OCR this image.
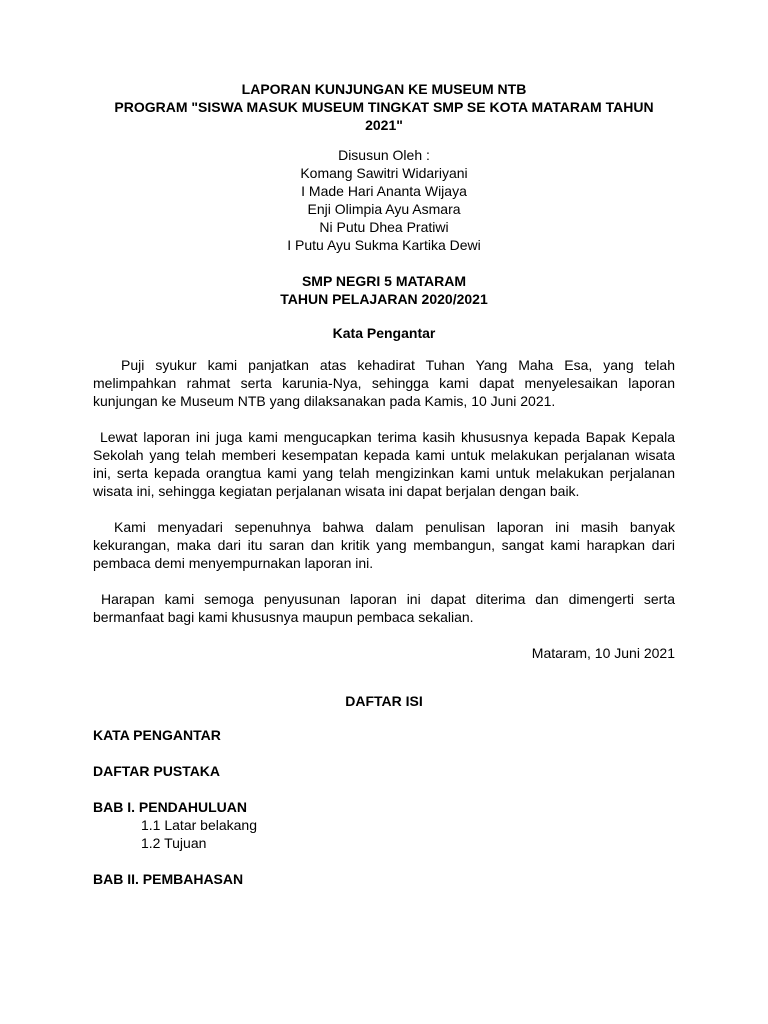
LAPORAN KUNJUNGAN KE MUSEUM NTB
PROGRAM "SISWA MASUK MUSEUM TINGKAT SMP SE KOTA MATARAM TAHUN
2021"
Disusun Oleh :
Komang Sawitri Widariyani
I Made Hari Ananta Wijaya
Enji Olimpia Ayu Asmara
Ni Putu Dhea Pratiwi
I Putu Ayu Sukma Kartika Dewi
SMP NEGRI 5 MATARAM
TAHUN PELAJARAN 2020/2021
Kata Pengantar

Puji syukur kami panjatkan atas kehadirat Tuhan Yang Maha Esa, yang telah melimpahkan rahmat serta karunia-Nya, sehingga kami dapat menyelesaikan laporan kunjungan ke Museum NTB yang dilaksanakan pada Kamis, 10 Juni 2021.

Lewat laporan ini juga kami mengucapkan terima kasih khususnya kepada Bapak Kepala Sekolah yang telah memberi kesempatan kepada kami untuk melakukan perjalanan wisata ini, serta kepada orangtua kami yang telah mengizinkan kami untuk melakukan perjalanan wisata ini, sehingga kegiatan perjalanan wisata ini dapat berjalan dengan baik.

Kami menyadari sepenuhnya bahwa dalam penulisan laporan ini masih banyak kekurangan, maka dari itu saran dan kritik yang membangun, sangat kami harapkan dari pembaca demi menyempurnakan laporan ini.

Harapan kami semoga penyusunan laporan ini dapat diterima dan dimengerti serta bermanfaat bagi kami khususnya maupun pembaca sekalian.

Mataram, 10 Juni 2021
DAFTAR ISI
KATA PENGANTAR
DAFTAR PUSTAKA
BAB I. PENDAHULUAN
1.1 Latar belakang
1.2 Tujuan
BAB II. PEMBAHASAN
